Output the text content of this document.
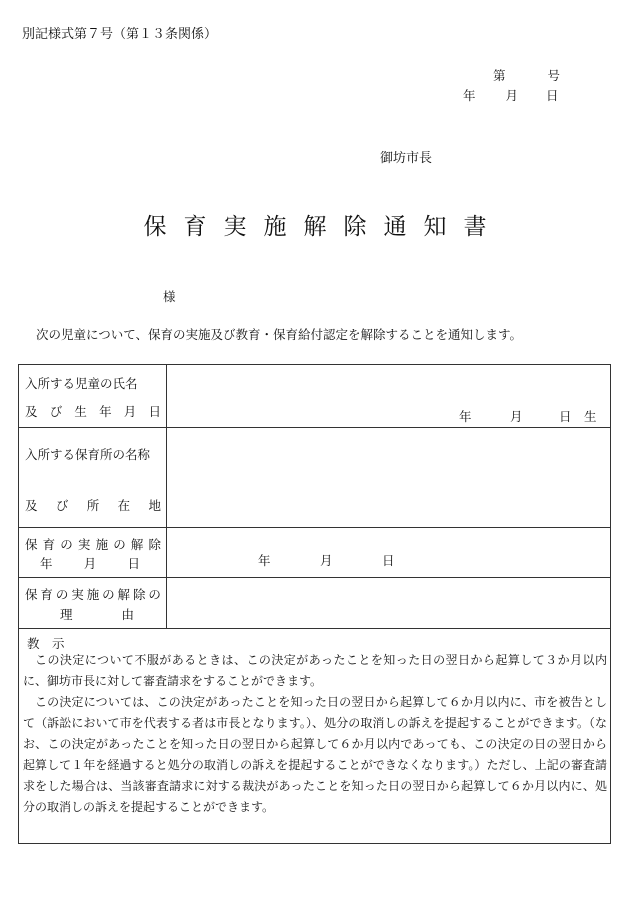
別記様式第７号（第１３条関係）
第	号
年 月 日
御坊市長
保育実施解除通知書
様
次の児童について、保育の実施及び教育・保育給付認定を解除することを通知します。
入所する児童の氏名
及 び 生 年 月 日	年	月	日　生
入所する保育所の名称
及 び 所 在 地
保 育 の 実 施 の 解 除
年 月 日	年	月	日
保 育 の 実 施 の 解 除 の
理	由
教　示

この決定について不服があるときは、この決定があったことを知った日の翌日から起算して３か月以内に、御坊市長に対して審査請求をすることができます。

この決定については、この決定があったことを知った日の翌日から起算して６か月以内に、市を被告として（訴訟において市を代表する者は市長となります。）、処分の取消しの訴えを提起することができます。（なお、この決定があったことを知った日の翌日から起算して６か月以内であっても、この決定の日の翌日から起算して１年を経過すると処分の取消しの訴えを提起することができなくなります。）ただし、上記の審査請求をした場合は、当該審査請求に対する裁決があったことを知った日の翌日から起算して６か月以内に、処分の取消しの訴えを提起することができます。
